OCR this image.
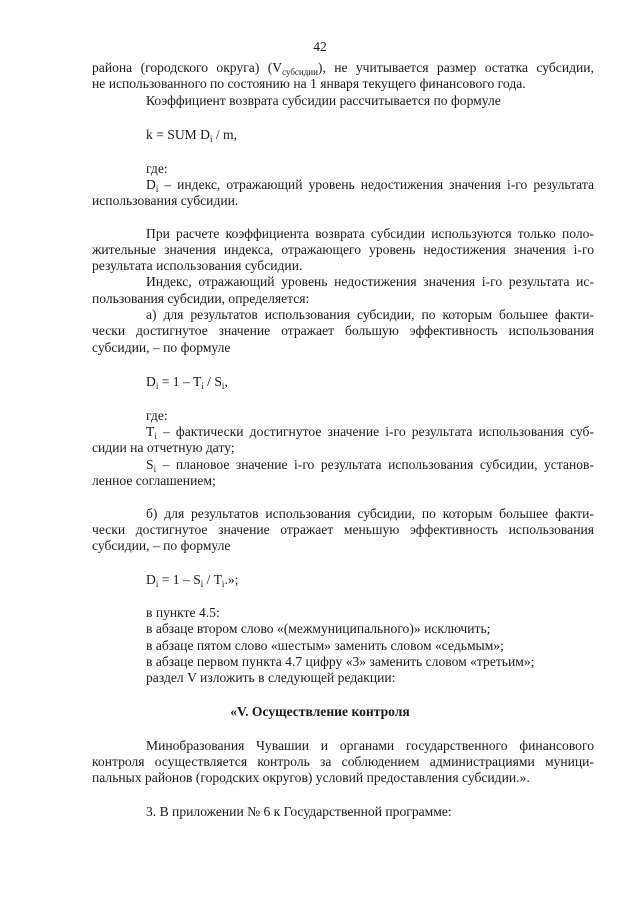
42
района (городского округа) $(V_{субсидии})$, не учитывается размер остатка субсидии,
не использованного по состоянию на 1 января текущего финансового года.
Коэффициент возврата субсидии рассчитывается по формуле
k = SUM $D_i$ / m,
где:
$D_i$ – индекс, отражающий уровень недостижения значения i-го результата
использования субсидии.
При расчете коэффициента возврата субсидии используются только поло-
жительные значения индекса, отражающего уровень недостижения значения i-го
результата использования субсидии.
Индекс, отражающий уровень недостижения значения i-го результата ис-
пользования субсидии, определяется:
а) для результатов использования субсидии, по которым большее факти-
чески достигнутое значение отражает большую эффективность использования
субсидии, – по формуле
$D_i = 1 - T_i / S_i$,
где:
$T_i$ – фактически достигнутое значение i-го результата использования суб-
сидии на отчетную дату;
$S_i$ – плановое значение i-го результата использования субсидии, установ-
ленное соглашением;
б) для результатов использования субсидии, по которым большее факти-
чески достигнутое значение отражает меньшую эффективность использования
субсидии, – по формуле
$D_i = 1 - S_i / T_i$.»;
в пункте 4.5:
в абзаце втором слово «(межмуниципального)» исключить;
в абзаце пятом слово «шестым» заменить словом «седьмым»;
в абзаце первом пункта 4.7 цифру «3» заменить словом «третьим»;
раздел V изложить в следующей редакции:
«V. Осуществление контроля
Минобразования Чувашии и органами государственного финансового
контроля осуществляется контроль за соблюдением администрациями муници-
пальных районов (городских округов) условий предоставления субсидии.».
3. В приложении № 6 к Государственной программе:
